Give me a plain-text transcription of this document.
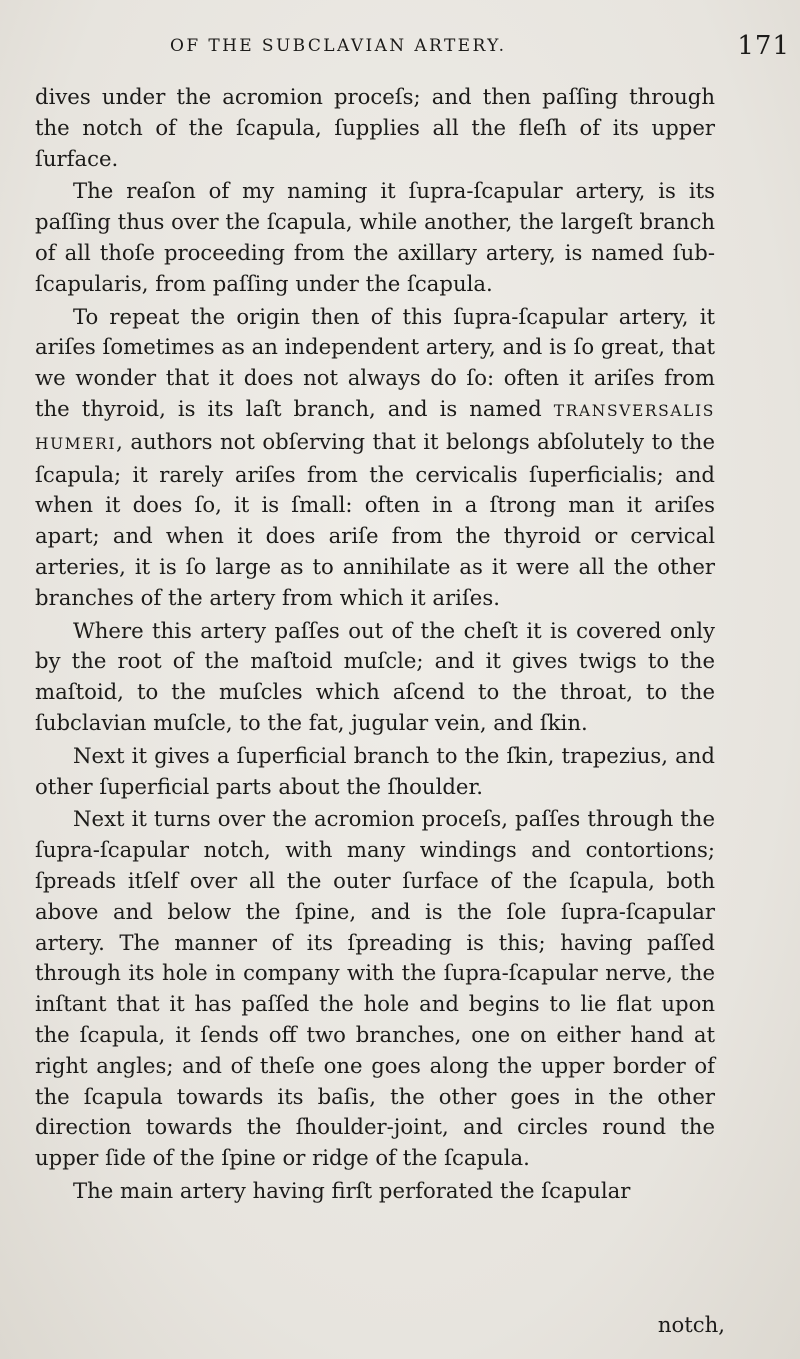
OF THE SUBCLAVIAN ARTERY.	171

dives under the acromion proceſs; and then paſſing through the notch of the ſcapula, ſupplies all the fleſh of its upper ſurface.

The reaſon of my naming it ſupra-ſcapular artery, is its paſſing thus over the ſcapula, while another, the largeſt branch of all thoſe proceeding from the axillary artery, is named ſub-ſcapularis, from paſſing under the ſcapula.

To repeat the origin then of this ſupra-ſcapular artery, it ariſes ſometimes as an independent artery, and is ſo great, that we wonder that it does not always do ſo: often it ariſes from the thyroid, is its laſt branch, and is named TRANSVERSALIS HUMERI, authors not obſerving that it belongs abſolutely to the ſcapula; it rarely ariſes from the cervicalis ſuperficialis; and when it does ſo, it is ſmall: often in a ſtrong man it ariſes apart; and when it does ariſe from the thyroid or cervical arteries, it is ſo large as to annihilate as it were all the other branches of the artery from which it ariſes.

Where this artery paſſes out of the cheſt it is covered only by the root of the maſtoid muſcle; and it gives twigs to the maſtoid, to the muſcles which aſcend to the throat, to the ſubclavian muſcle, to the fat, jugular vein, and ſkin.

Next it gives a ſuperficial branch to the ſkin, trapezius, and other ſuperficial parts about the ſhoulder.

Next it turns over the acromion proceſs, paſſes through the ſupra-ſcapular notch, with many windings and contortions; ſpreads itſelf over all the outer ſurface of the ſcapula, both above and below the ſpine, and is the ſole ſupra-ſcapular artery. The manner of its ſpreading is this; having paſſed through its hole in company with the ſupra-ſcapular nerve, the inſtant that it has paſſed the hole and begins to lie flat upon the ſcapula, it ſends off two branches, one on either hand at right angles; and of theſe one goes along the upper border of the ſcapula towards its baſis, the other goes in the other direction towards the ſhoulder-joint, and circles round the upper ſide of the ſpine or ridge of the ſcapula.

The main artery having firſt perforated the ſcapular

notch,
